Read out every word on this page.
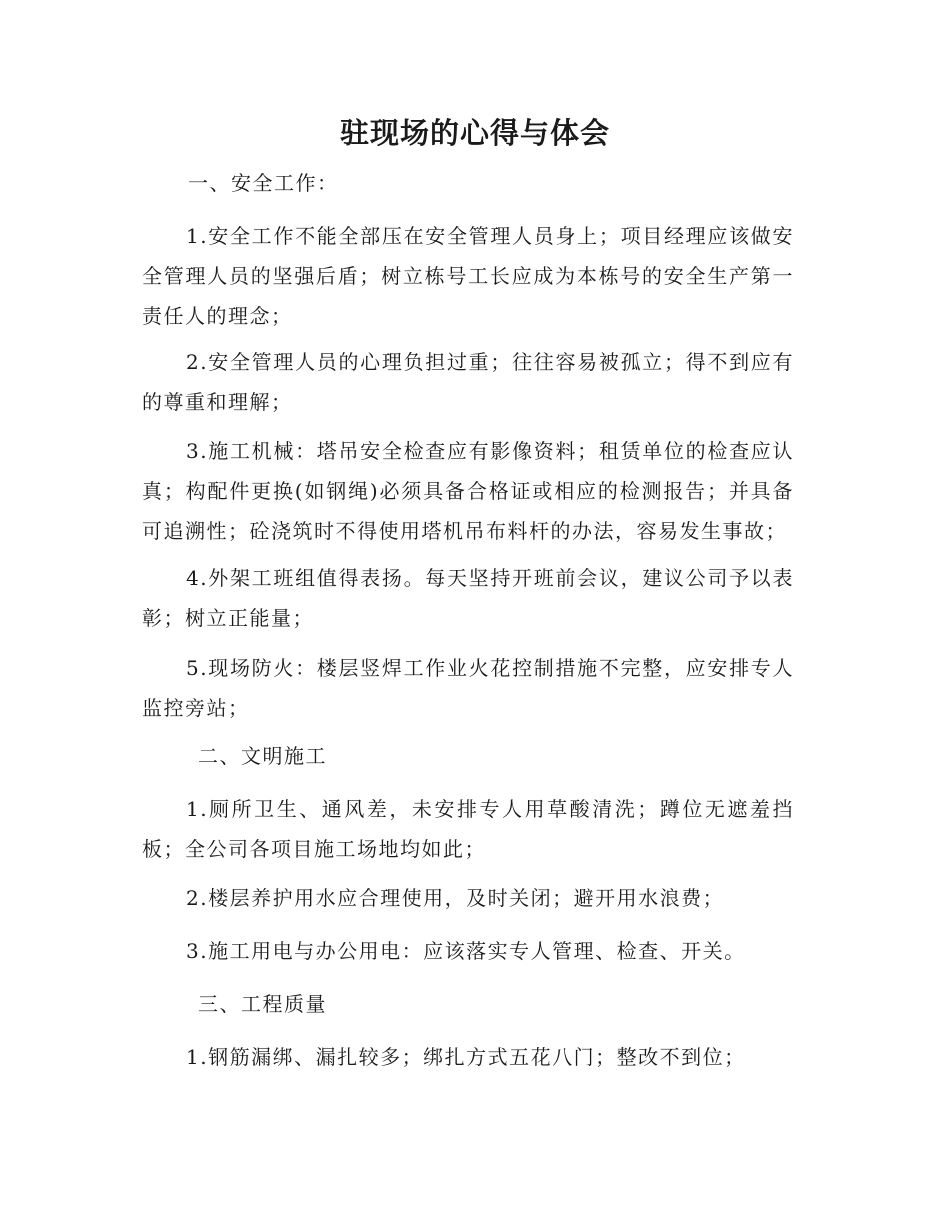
驻现场的心得与体会

一、安全工作：

1.安全工作不能全部压在安全管理人员身上；项目经理应该做安全管理人员的坚强后盾；树立栋号工长应成为本栋号的安全生产第一责任人的理念；

2.安全管理人员的心理负担过重；往往容易被孤立；得不到应有的尊重和理解；

3.施工机械：塔吊安全检查应有影像资料；租赁单位的检查应认真；构配件更换(如钢绳)必须具备合格证或相应的检测报告；并具备可追溯性；砼浇筑时不得使用塔机吊布料杆的办法，容易发生事故；

4.外架工班组值得表扬。每天坚持开班前会议，建议公司予以表彰；树立正能量；

5.现场防火：楼层竖焊工作业火花控制措施不完整，应安排专人监控旁站；

二、文明施工

1.厕所卫生、通风差，未安排专人用草酸清洗；蹲位无遮羞挡板；全公司各项目施工场地均如此；

2.楼层养护用水应合理使用，及时关闭；避开用水浪费；

3.施工用电与办公用电：应该落实专人管理、检查、开关。

三、工程质量

1.钢筋漏绑、漏扎较多；绑扎方式五花八门；整改不到位；
